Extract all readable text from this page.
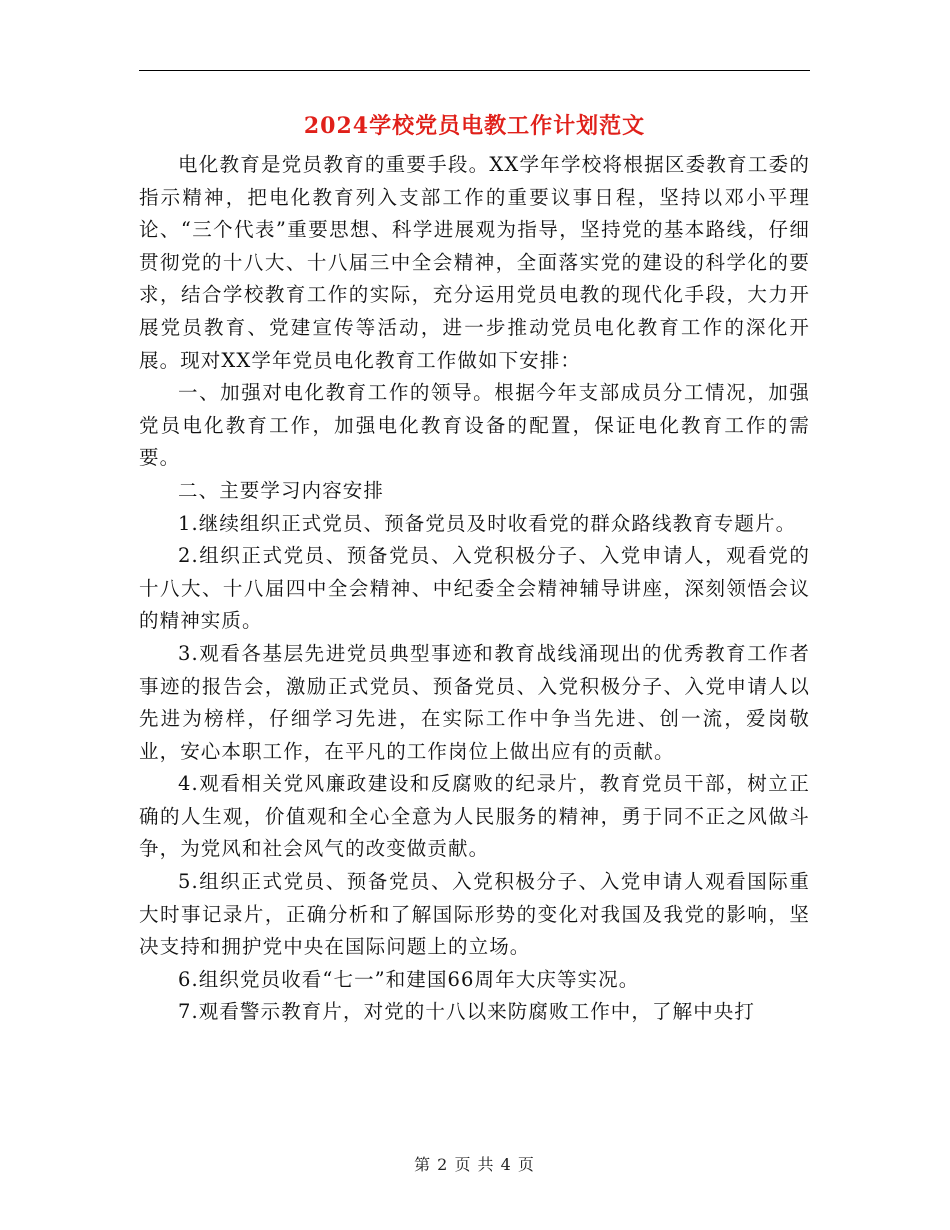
2024学校党员电教工作计划范文

电化教育是党员教育的重要手段。XX学年学校将根据区委教育工委的指示精神，把电化教育列入支部工作的重要议事日程，坚持以邓小平理论、“三个代表”重要思想、科学进展观为指导，坚持党的基本路线，仔细贯彻党的十八大、十八届三中全会精神，全面落实党的建设的科学化的要求，结合学校教育工作的实际，充分运用党员电教的现代化手段，大力开展党员教育、党建宣传等活动，进一步推动党员电化教育工作的深化开展。现对XX学年党员电化教育工作做如下安排：

一、加强对电化教育工作的领导。根据今年支部成员分工情况，加强党员电化教育工作，加强电化教育设备的配置，保证电化教育工作的需要。

二、主要学习内容安排

1.继续组织正式党员、预备党员及时收看党的群众路线教育专题片。

2.组织正式党员、预备党员、入党积极分子、入党申请人，观看党的十八大、十八届四中全会精神、中纪委全会精神辅导讲座，深刻领悟会议的精神实质。

3.观看各基层先进党员典型事迹和教育战线涌现出的优秀教育工作者事迹的报告会，激励正式党员、预备党员、入党积极分子、入党申请人以先进为榜样，仔细学习先进，在实际工作中争当先进、创一流，爱岗敬业，安心本职工作，在平凡的工作岗位上做出应有的贡献。

4.观看相关党风廉政建设和反腐败的纪录片，教育党员干部，树立正确的人生观，价值观和全心全意为人民服务的精神，勇于同不正之风做斗争，为党风和社会风气的改变做贡献。

5.组织正式党员、预备党员、入党积极分子、入党申请人观看国际重大时事记录片，正确分析和了解国际形势的变化对我国及我党的影响，坚决支持和拥护党中央在国际问题上的立场。

6.组织党员收看“七一”和建国66周年大庆等实况。

7.观看警示教育片，对党的十八以来防腐败工作中，了解中央打

第 2 页 共 4 页
